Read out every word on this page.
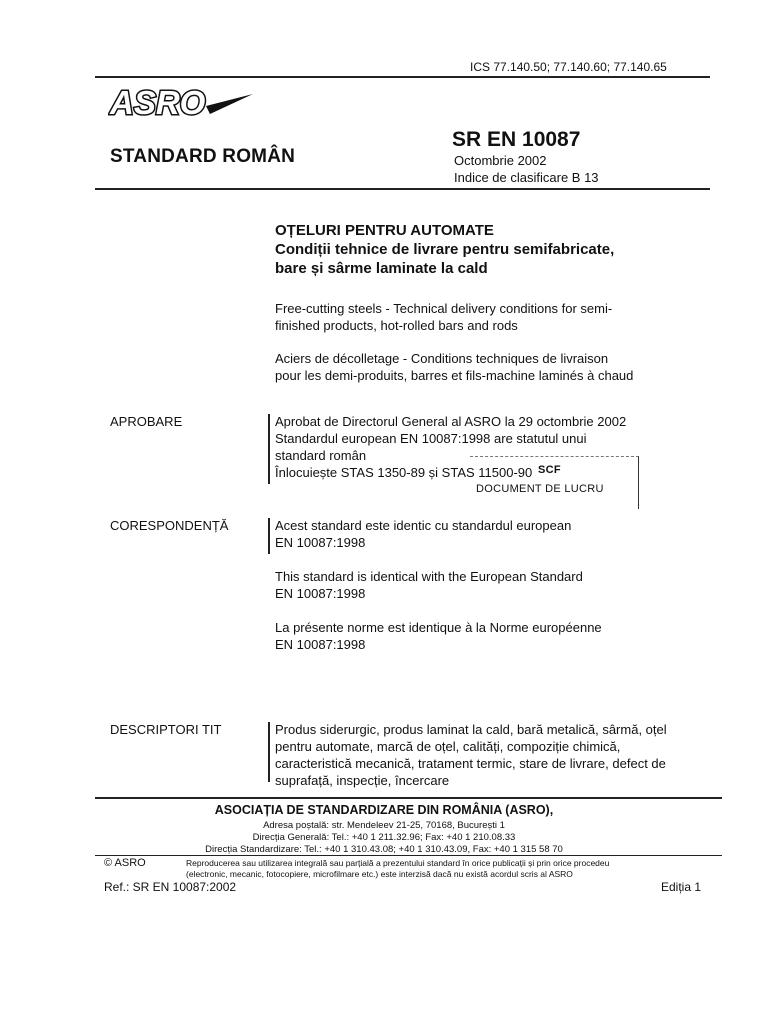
ICS 77.140.50; 77.140.60; 77.140.65
ASRO
STANDARD ROMÂN
SR EN 10087
Octombrie 2002
Indice de clasificare B 13
OȚELURI PENTRU AUTOMATE
Condiții tehnice de livrare pentru semifabricate,
bare și sârme laminate la cald
Free-cutting steels - Technical delivery conditions for semi-
finished products, hot-rolled bars and rods
Aciers de décolletage - Conditions techniques de livraison
pour les demi-produits, barres et fils-machine laminés à chaud
APROBARE	Aprobat de Directorul General al ASRO la 29 octombrie 2002
Standardul european EN 10087:1998 are statutul unui
standard român
Înlocuiește STAS 1350-89 și STAS 11500-90 SCF
DOCUMENT DE LUCRU
CORESPONDENȚĂ	Acest standard este identic cu standardul european
EN 10087:1998
This standard is identical with the European Standard
EN 10087:1998
La présente norme est identique à la Norme européenne
EN 10087:1998
DESCRIPTORI TIT	Produs siderurgic, produs laminat la cald, bară metalică, sârmă, oțel
pentru automate, marcă de oțel, calități, compoziție chimică,
caracteristică mecanică, tratament termic, stare de livrare, defect de
suprafață, inspecție, încercare
ASOCIAȚIA DE STANDARDIZARE DIN ROMÂNIA (ASRO),
Adresa poștală: str. Mendeleev 21-25, 70168, București 1
Direcția Generală: Tel.: +40 1 211.32.96; Fax: +40 1 210.08.33
Direcția Standardizare: Tel.: +40 1 310.43.08; +40 1 310.43.09, Fax: +40 1 315 58 70
© ASRO	Reproducerea sau utilizarea integrală sau parțială a prezentului standard în orice publicații și prin orice procedeu
(electronic, mecanic, fotocopiere, microfilmare etc.) este interzisă dacă nu există acordul scris al ASRO
Ref.: SR EN 10087:2002	Ediția 1
